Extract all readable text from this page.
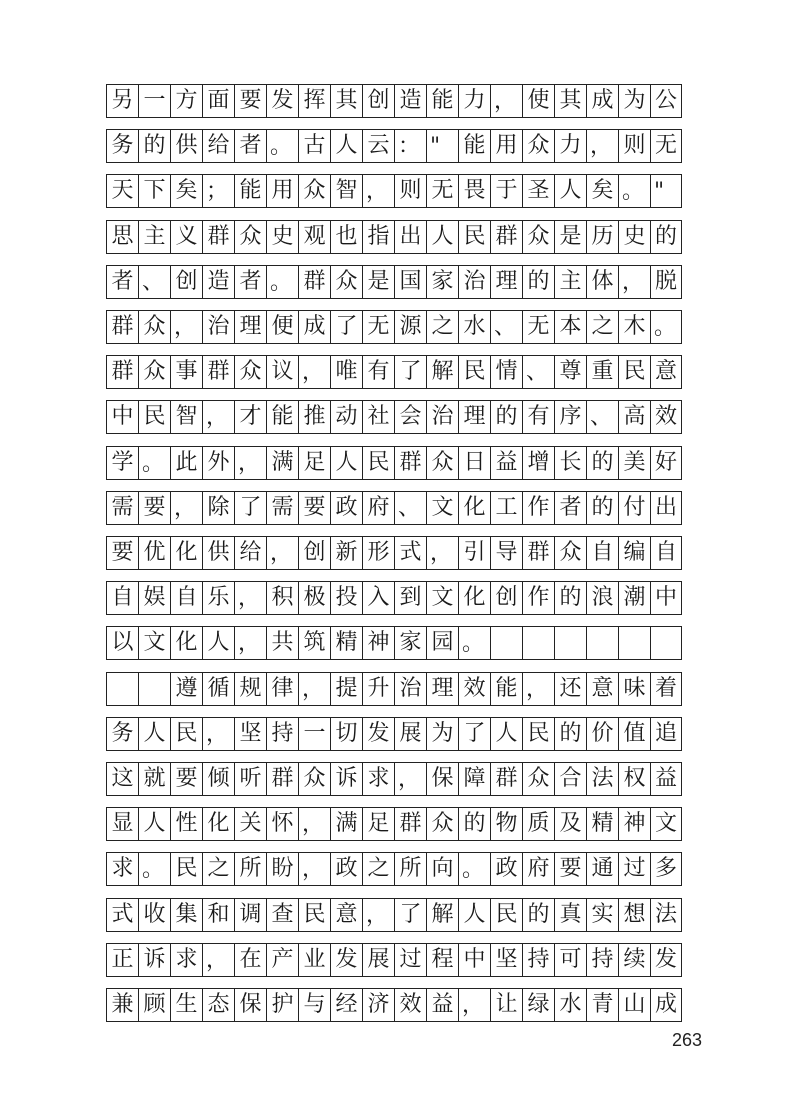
另 一 方 面 要 发 挥 其 创 造 能 力 ， 使 其 成 为 公
务 的 供 给 者 。 古 人 云 ： "	能 用 众 力 ， 则 无
天 下 矣 ； 能 用 众 智 ， 则 无 畏 于 圣 人 矣 。 "
思 主 义 群 众 史 观 也 指 出 人 民 群 众 是 历 史 的
者 、 创 造 者 。 群 众 是 国 家 治 理 的 主 体 ， 脱
群 众 ， 治 理 便 成 了 无 源 之 水 、 无 本 之 木 。
群 众 事 群 众 议 ， 唯 有 了 解 民 情 、 尊 重 民 意
中 民 智 ， 才 能 推 动 社 会 治 理 的 有 序 、 高 效
学 。 此 外 ， 满 足 人 民 群 众 日 益 增 长 的 美 好
需 要 ， 除 了 需 要 政 府 、 文 化 工 作 者 的 付 出
要 优 化 供 给 ， 创 新 形 式 ， 引 导 群 众 自 编 自
自 娱 自 乐 ， 积 极 投 入 到 文 化 创 作 的 浪 潮 中
以 文 化 人 ， 共 筑 精 神 家 园 。
遵 循 规 律 ， 提 升 治 理 效 能 ， 还 意 味 着
务 人 民 ， 坚 持 一 切 发 展 为 了 人 民 的 价 值 追
这 就 要 倾 听 群 众 诉 求 ， 保 障 群 众 合 法 权 益
显 人 性 化 关 怀 ， 满 足 群 众 的 物 质 及 精 神 文
求 。 民 之 所 盼 ， 政 之 所 向 。 政 府 要 通 过 多
式 收 集 和 调 查 民 意 ， 了 解 人 民 的 真 实 想 法
正 诉 求 ， 在 产 业 发 展 过 程 中 坚 持 可 持 续 发
兼 顾 生 态 保 护 与 经 济 效 益 ， 让 绿 水 青 山 成
263
